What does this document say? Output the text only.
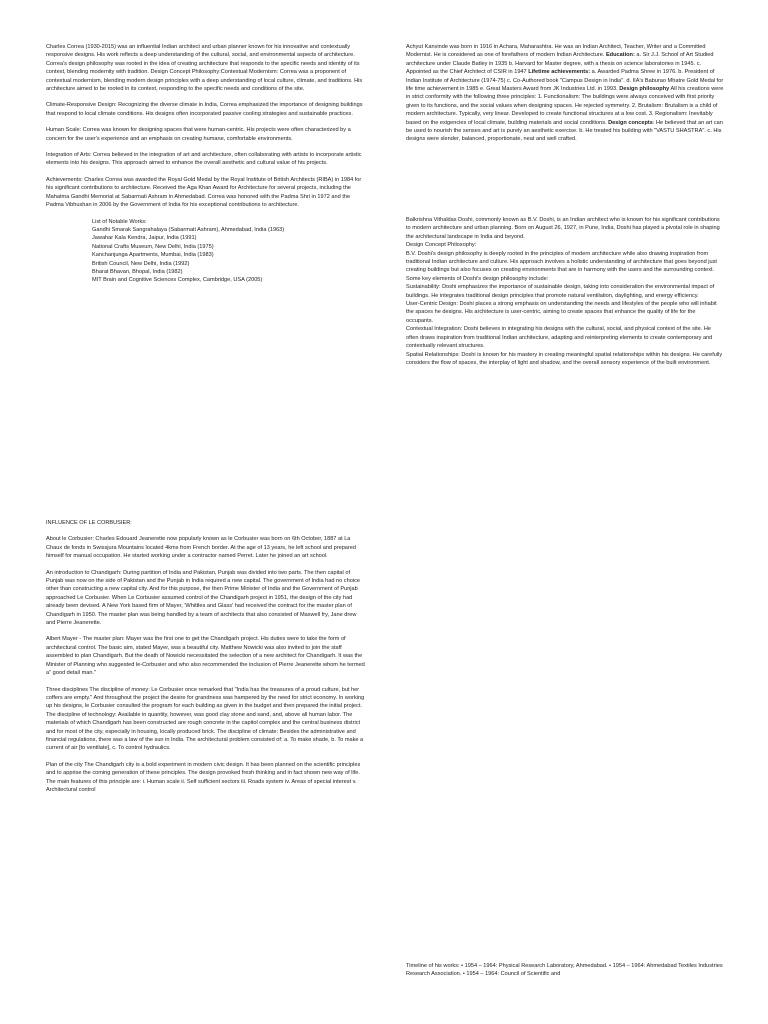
Charles Correa (1930-2015) was an influential Indian architect and urban planner known for his innovative and contextually responsive designs. His work reflects a deep understanding of the cultural, social, and environmental aspects of architecture. Correa's design philosophy was rooted in the idea of creating architecture that responds to the specific needs and identity of its context, blending modernity with tradition. Design Concept Philosophy:Contextual Modernism: Correa was a proponent of contextual modernism, blending modern design principles with a deep understanding of local culture, climate, and traditions. His architecture aimed to be rooted in its context, responding to the specific needs and conditions of the site.

Climate-Responsive Design: Recognizing the diverse climate in India, Correa emphasized the importance of designing buildings that respond to local climate conditions. His designs often incorporated passive cooling strategies and sustainable practices.

Human Scale: Correa was known for designing spaces that were human-centric. His projects were often characterized by a concern for the user's experience and an emphasis on creating humane, comfortable environments.

Integration of Arts: Correa believed in the integration of art and architecture, often collaborating with artists to incorporate artistic elements into his designs. This approach aimed to enhance the overall aesthetic and cultural value of his projects.

Achievements: Charles Correa was awarded the Royal Gold Medal by the Royal Institute of British Architects (RIBA) in 1984 for his significant contributions to architecture. Received the Aga Khan Award for Architecture for several projects, including the Mahatma Gandhi Memorial at Sabarmati Ashram in Ahmedabad. Correa was honored with the Padma Shri in 1972 and the Padma Vibhushan in 2006 by the Government of India for his exceptional contributions to architecture.

List of Notable Works:

Gandhi Smarak Sangrahalaya (Sabarmati Ashram), Ahmedabad, India (1963)

Jawahar Kala Kendra, Jaipur, India (1991)

National Crafts Museum, New Delhi, India (1975)

Kanchanjunga Apartments, Mumbai, India (1983)

British Council, New Delhi, India (1992)

Bharat Bhavan, Bhopal, India (1982)

MIT Brain and Cognitive Sciences Complex, Cambridge, USA (2005)

Achyut Kanvinde was born in 1916 in Achara, Maharashtra. He was an Indian Architect, Teacher, Writer and a Committed Modernist. He is considered as one of forefathers of modern Indian Architecture. Education: a. Sir J.J. School of Art Studied architecture under Claude Batley in 1935 b. Harvard for Master degree, with a thesis on science laboratories in 1945. c. Appointed as the Chief Architect of CSIR in 1947 Lifetime achievements: a. Awarded Padma Shree in 1976. b. President of Indian Institute of Architecture (1974-75) c. Co-Authored book "Campus Design in India". d. IIA's Baburao Mhatre Gold Medal for life time achievement in 1985 e. Great Masters Award from JK Industries Ltd. in 1993. Design philosophy All his creations were in strict conformity with the following three principles: 1. Functionalism: The buildings were always conceived with first priority given to its functions, and the social values when designing spaces. He rejected symmetry. 2. Brutalism: Brutalism is a child of modern architecture. Typically, very linear. Developed to create functional structures at a low cost. 3. Regionalism: Inevitably based on the exigencies of local climate, building materials and social conditions. Design concepts: He believed that an art can be used to nourish the senses and art is purely an aesthetic exercise. b. He treated his building with "VASTU SHASTRA". c. His designs were slender, balanced, proportionate, neat and well crafted.

Balkrishna Vithaldas Doshi, commonly known as B.V. Doshi, is an Indian architect who is known for his significant contributions to modern architecture and urban planning. Born on August 26, 1927, in Pune, India, Doshi has played a pivotal role in shaping the architectural landscape in India and beyond.

Design Concept Philosophy:

B.V. Doshi's design philosophy is deeply rooted in the principles of modern architecture while also drawing inspiration from traditional Indian architecture and culture. His approach involves a holistic understanding of architecture that goes beyond just creating buildings but also focuses on creating environments that are in harmony with the users and the surrounding context.

Some key elements of Doshi's design philosophy include:

Sustainability: Doshi emphasizes the importance of sustainable design, taking into consideration the environmental impact of buildings. He integrates traditional design principles that promote natural ventilation, daylighting, and energy efficiency.

User-Centric Design: Doshi places a strong emphasis on understanding the needs and lifestyles of the people who will inhabit the spaces he designs. His architecture is user-centric, aiming to create spaces that enhance the quality of life for the occupants.

Contextual Integration: Doshi believes in integrating his designs with the cultural, social, and physical context of the site. He often draws inspiration from traditional Indian architecture, adapting and reinterpreting elements to create contemporary and contextually relevant structures.

Spatial Relationships: Doshi is known for his mastery in creating meaningful spatial relationships within his designs. He carefully considers the flow of spaces, the interplay of light and shadow, and the overall sensory experience of the built environment.

INFLUENCE OF LE CORBUSIER:

About le Corbusier: Charles Edouard Jeanerette now popularly known as le Corbusier was born on 6th October, 1887 at La Chaux de fonds in Swissjura Mountains located 4kms from French border. At the age of 13 years, he left school and prepared himself for manual occupation. He started working under a contractor named Perret. Later he joined an art school.

An introduction to Chandigarh: During partition of India and Pakistan, Punjab was divided into two parts. The then capital of Punjab was now on the side of Pakistan and the Punjab in India required a new capital. The government of India had no choice other than constructing a new capital city. And for this purpose, the then Prime Minister of India and the Government of Punjab approached Le Corbusier. When Le Corbusier assumed control of the Chandigarh project in 1951, the design of the city had already been devised. A New York based firm of Mayer, 'Whittles and Glass' had received the contract for the master plan of Chandigarh in 1950. The master plan was being handled by a team of architects that also consisted of Maxwell fry, Jane drew and Pierre Jeanerette.

Albert Mayer - The master plan: Mayer was the first one to get the Chandigarh project. His duties were to take the form of architectural control. The basic aim, stated Mayer, was a beautiful city. Matthew Nowicki was also invited to join the staff assembled to plan Chandigarh. But the death of Nowicki necessitated the selection of a new architect for Chandigarh. It was the Minister of Planning who suggested le-Corbusier and who also recommended the inclusion of Pierre Jeanerette whom he termed a" good detail man."

Three disciplines The discipline of money: Le Corbusier once remarked that "India has the treasures of a proud culture, but her coffers are empty." And throughout the project the desire for grandness was hampered by the need for strict economy. In working up his designs, le Corbusier consulted the program for each building as given in the budget and then prepared the initial project. The discipline of technology: Available in quantity, however, was good clay stone and sand, and, above all human labor. The materials of which Chandigarh has been constructed are rough concrete in the capitol complex and the central business district and for most of the city, especially in housing, locally produced brick. The discipline of climate: Besides the administrative and financial regulations, there was a law of the sun in India. The architectural problem consisted of: a. To make shade, b. To make a current of air [to ventilate], c. To control hydraulics.

Plan of the city The Chandigarh city is a bold experiment in modern civic design. It has been planned on the scientific principles and to apprise the coming generation of these principles. The design provoked fresh thinking and in fact shown new way of life. The main features of this principle are: i. Human scale ii. Self sufficient sectors iii. Roads system iv. Areas of special interest v. Architectural control

Timeline of his works: • 1954 – 1964: Physical Research Laboratory, Ahmedabad. • 1954 – 1964: Ahmedabad Textiles Industries Research Association. • 1954 – 1964: Council of Scientific and
